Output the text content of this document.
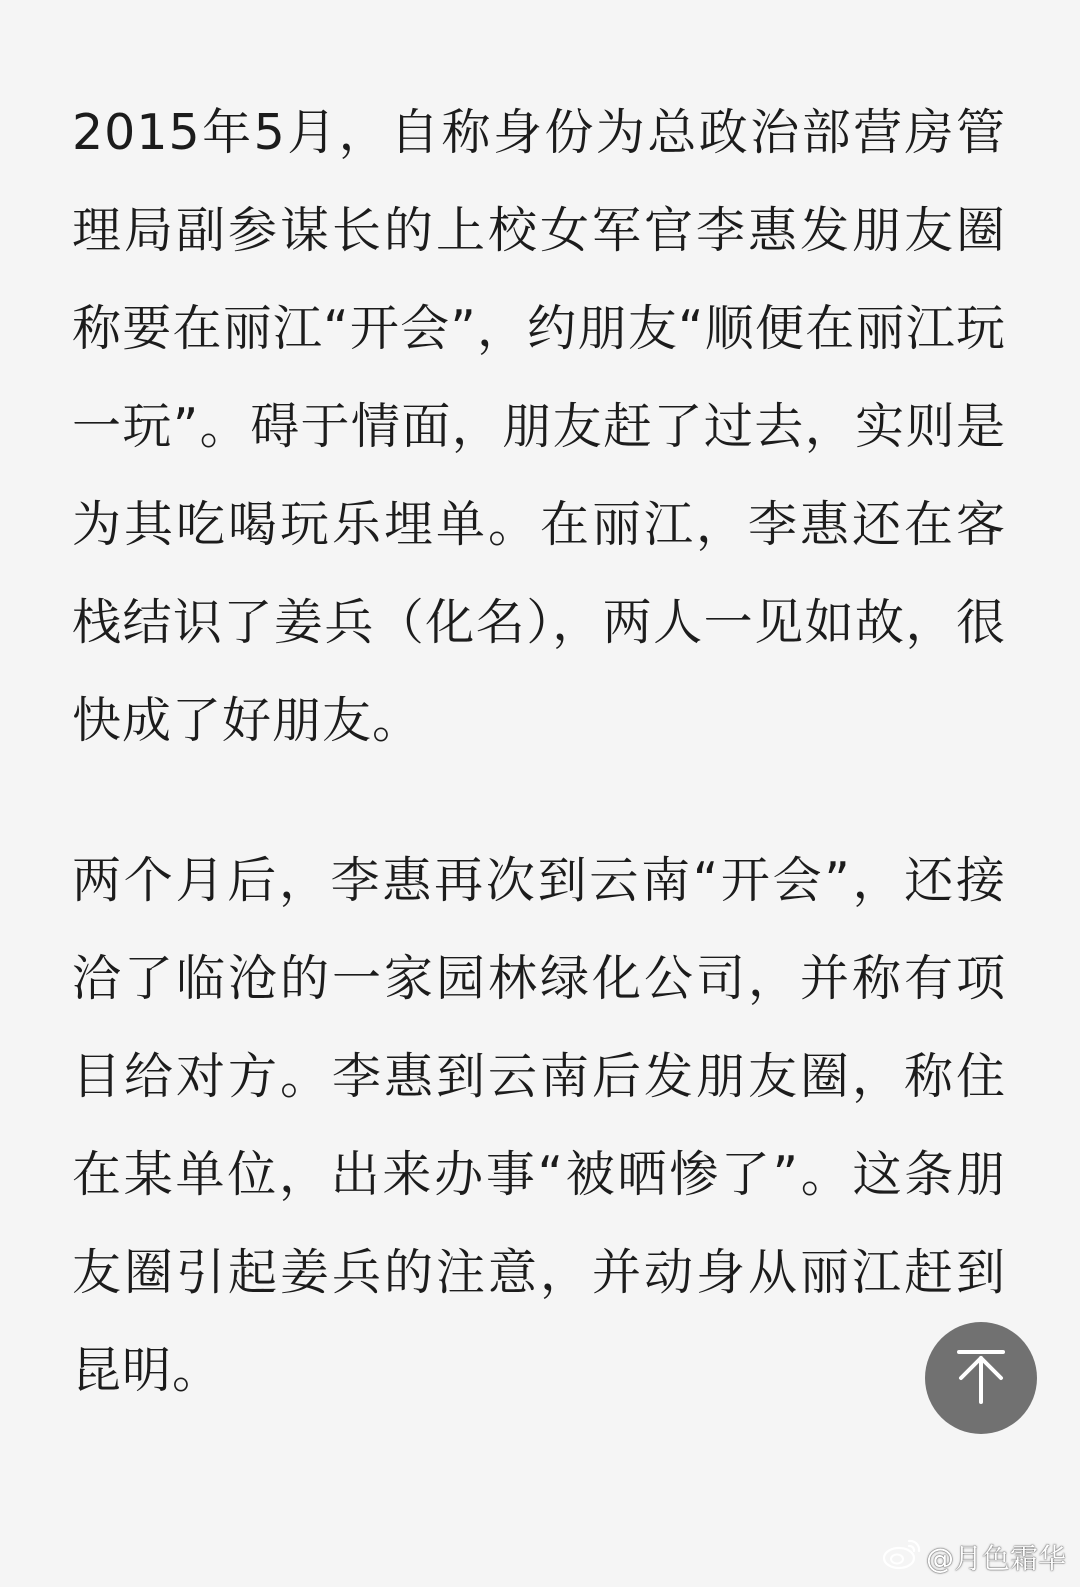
2015年5月，自称身份为总政治部营房管理局副参谋长的上校女军官李惠发朋友圈称要在丽江“开会”，约朋友“顺便在丽江玩一玩”。碍于情面，朋友赶了过去，实则是为其吃喝玩乐埋单。在丽江，李惠还在客栈结识了姜兵（化名），两人一见如故，很快成了好朋友。

两个月后，李惠再次到云南“开会”，还接洽了临沧的一家园林绿化公司，并称有项目给对方。李惠到云南后发朋友圈，称住在某单位，出来办事“被晒惨了”。这条朋友圈引起姜兵的注意，并动身从丽江赶到昆明。

@月色霜华
